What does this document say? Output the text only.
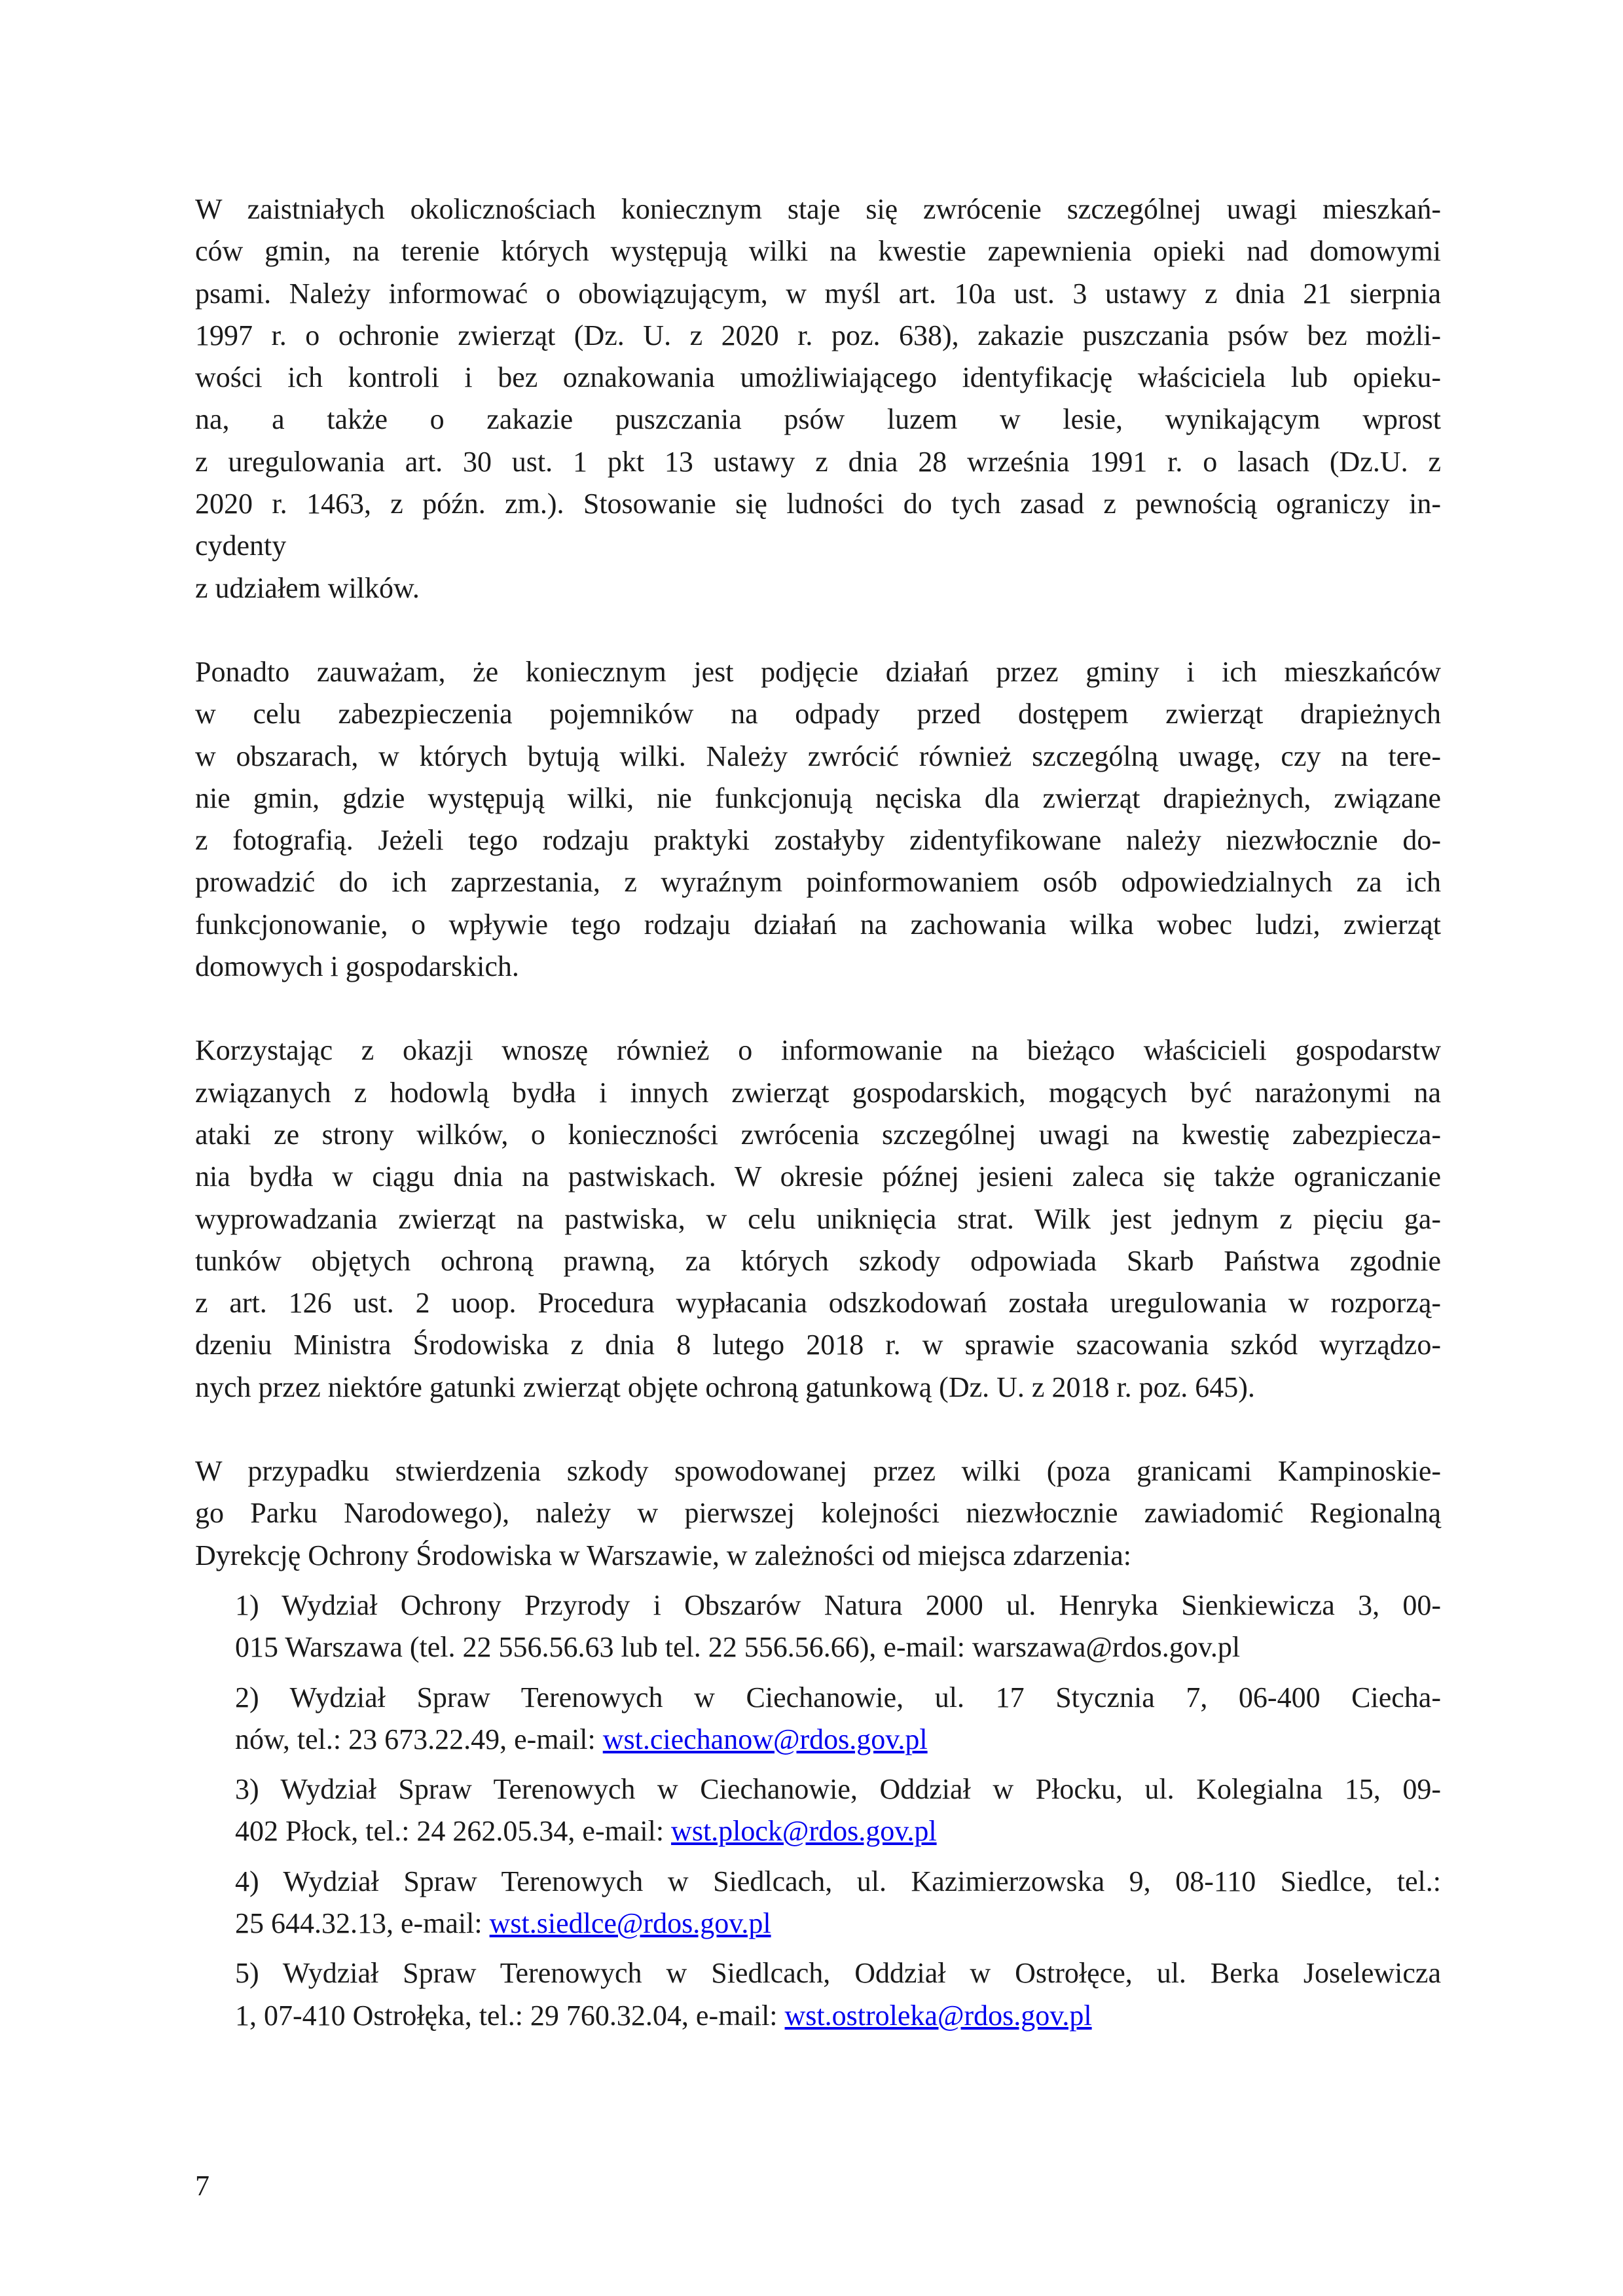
W zaistniałych okolicznościach koniecznym staje się zwrócenie szczególnej uwagi mieszkań-
ców gmin, na terenie których występują wilki na kwestie zapewnienia opieki nad domowymi
psami. Należy informować o obowiązującym, w myśl art. 10a ust. 3 ustawy z dnia 21 sierpnia
1997 r. o ochronie zwierząt (Dz. U. z 2020 r. poz. 638), zakazie puszczania psów bez możli-
wości ich kontroli i bez oznakowania umożliwiającego identyfikację właściciela lub opieku-
na, a także o zakazie puszczania psów luzem w lesie, wynikającym wprost
z uregulowania art. 30 ust. 1 pkt 13 ustawy z dnia 28 września 1991 r. o lasach (Dz.U. z
2020 r. 1463, z późn. zm.). Stosowanie się ludności do tych zasad z pewnością ograniczy in-
cydenty
z udziałem wilków.
Ponadto zauważam, że koniecznym jest podjęcie działań przez gminy i ich mieszkańców
w celu zabezpieczenia pojemników na odpady przed dostępem zwierząt drapieżnych
w obszarach, w których bytują wilki. Należy zwrócić również szczególną uwagę, czy na tere-
nie gmin, gdzie występują wilki, nie funkcjonują nęciska dla zwierząt drapieżnych, związane
z fotografią. Jeżeli tego rodzaju praktyki zostałyby zidentyfikowane należy niezwłocznie do-
prowadzić do ich zaprzestania, z wyraźnym poinformowaniem osób odpowiedzialnych za ich
funkcjonowanie, o wpływie tego rodzaju działań na zachowania wilka wobec ludzi, zwierząt
domowych i gospodarskich.
Korzystając z okazji wnoszę również o informowanie na bieżąco właścicieli gospodarstw
związanych z hodowlą bydła i innych zwierząt gospodarskich, mogących być narażonymi na
ataki ze strony wilków, o konieczności zwrócenia szczególnej uwagi na kwestię zabezpiecza-
nia bydła w ciągu dnia na pastwiskach. W okresie późnej jesieni zaleca się także ograniczanie
wyprowadzania zwierząt na pastwiska, w celu uniknięcia strat. Wilk jest jednym z pięciu ga-
tunków objętych ochroną prawną, za których szkody odpowiada Skarb Państwa zgodnie
z art. 126 ust. 2 uoop. Procedura wypłacania odszkodowań została uregulowania w rozporzą-
dzeniu Ministra Środowiska z dnia 8 lutego 2018 r. w sprawie szacowania szkód wyrządzo-
nych przez niektóre gatunki zwierząt objęte ochroną gatunkową (Dz. U. z 2018 r. poz. 645).
W przypadku stwierdzenia szkody spowodowanej przez wilki (poza granicami Kampinoskie-
go Parku Narodowego), należy w pierwszej kolejności niezwłocznie zawiadomić Regionalną
Dyrekcję Ochrony Środowiska w Warszawie, w zależności od miejsca zdarzenia:
1) Wydział Ochrony Przyrody i Obszarów Natura 2000 ul. Henryka Sienkiewicza 3, 00-
015 Warszawa (tel. 22 556.56.63 lub tel. 22 556.56.66), e-mail: warszawa@rdos.gov.pl
2) Wydział Spraw Terenowych w Ciechanowie, ul. 17 Stycznia 7, 06-400 Ciecha-
nów, tel.: 23 673.22.49, e-mail: wst.ciechanow@rdos.gov.pl
3) Wydział Spraw Terenowych w Ciechanowie, Oddział w Płocku, ul. Kolegialna 15, 09-
402 Płock, tel.: 24 262.05.34, e-mail: wst.plock@rdos.gov.pl
4) Wydział Spraw Terenowych w Siedlcach, ul. Kazimierzowska 9, 08-110 Siedlce, tel.:
25 644.32.13, e-mail: wst.siedlce@rdos.gov.pl
5) Wydział Spraw Terenowych w Siedlcach, Oddział w Ostrołęce, ul. Berka Joselewicza
1, 07-410 Ostrołęka, tel.: 29 760.32.04, e-mail: wst.ostroleka@rdos.gov.pl
7
